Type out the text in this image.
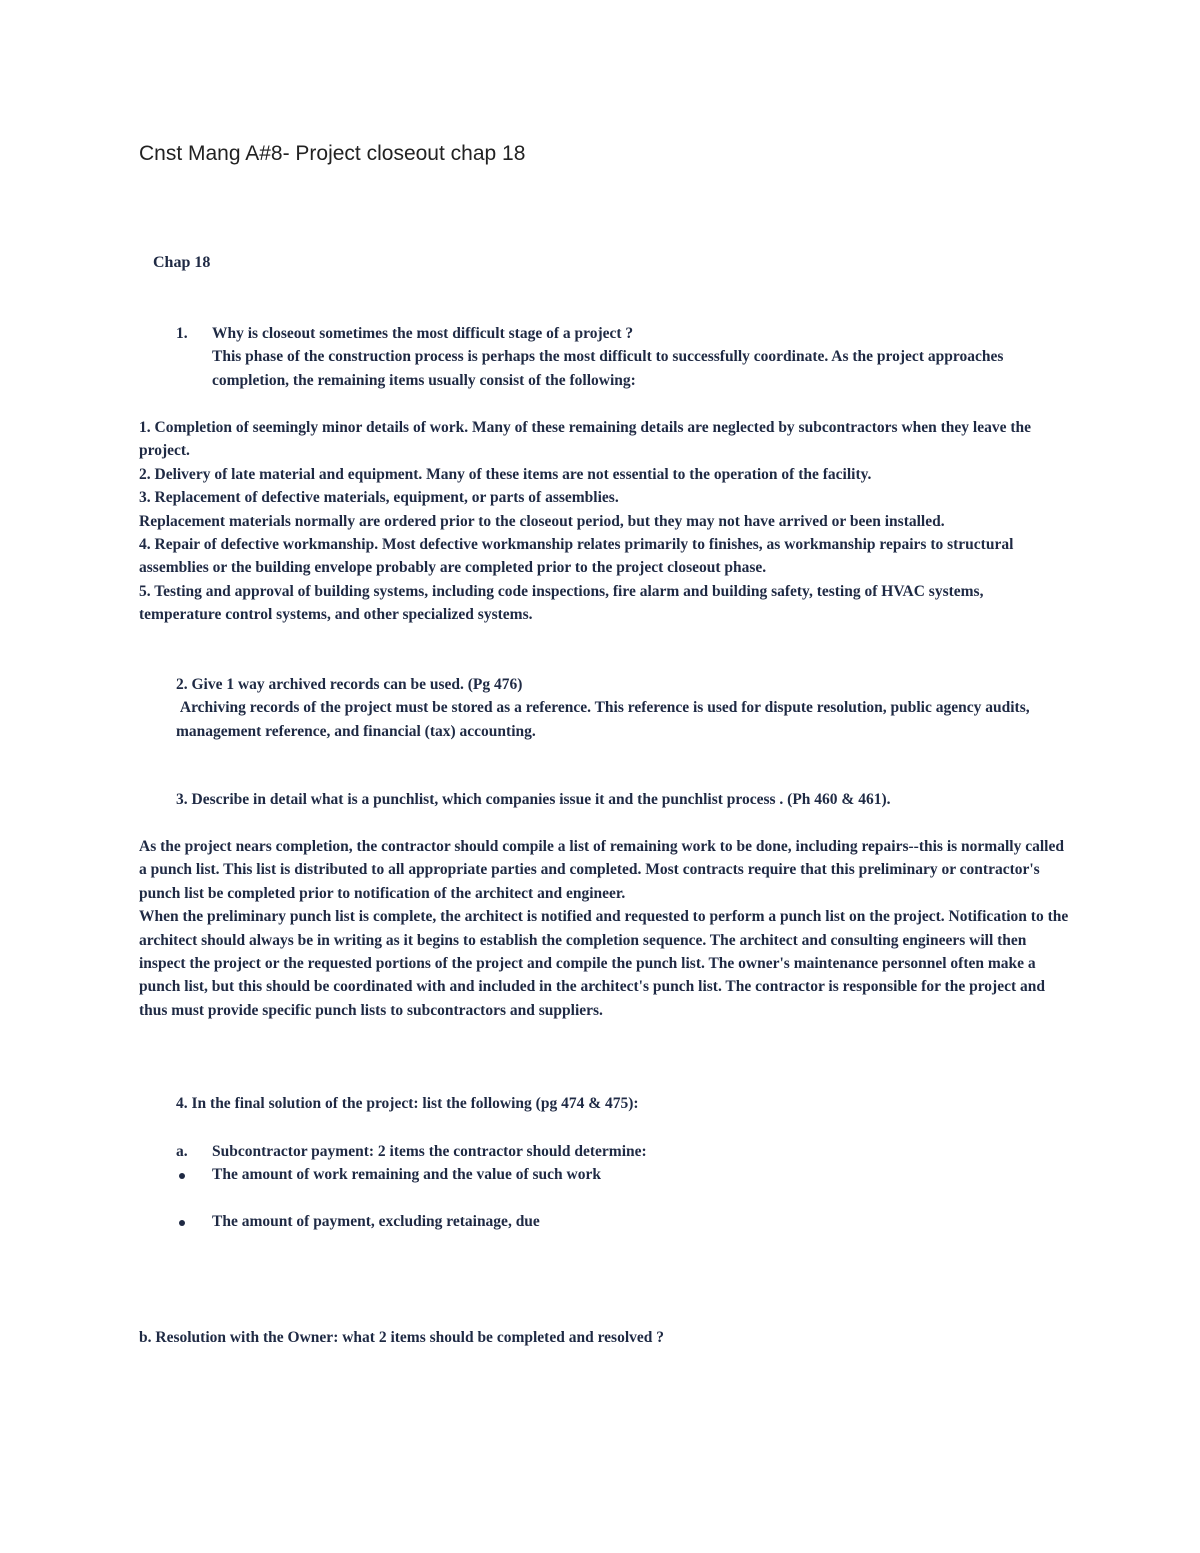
Cnst Mang A#8- Project closeout chap 18
Chap 18
1. Why is closeout sometimes the most difficult stage of a project ?

This phase of the construction process is perhaps the most difficult to successfully coordinate. As the project approaches completion, the remaining items usually consist of the following:

1. Completion of seemingly minor details of work. Many of these remaining details are neglected by subcontractors when they leave the project.

2. Delivery of late material and equipment. Many of these items are not essential to the operation of the facility.

3. Replacement of defective materials, equipment, or parts of assemblies.

Replacement materials normally are ordered prior to the closeout period, but they may not have arrived or been installed.

4. Repair of defective workmanship. Most defective workmanship relates primarily to finishes, as workmanship repairs to structural assemblies or the building envelope probably are completed prior to the project closeout phase.

5. Testing and approval of building systems, including code inspections, fire alarm and building safety, testing of HVAC systems, temperature control systems, and other specialized systems.

2. Give 1 way archived records can be used. (Pg 476)

Archiving records of the project must be stored as a reference. This reference is used for dispute resolution, public agency audits, management reference, and financial (tax) accounting.

3. Describe in detail what is a punchlist, which companies issue it and the punchlist process . (Ph 460 & 461).

As the project nears completion, the contractor should compile a list of remaining work to be done, including repairs--this is normally called a punch list. This list is distributed to all appropriate parties and completed. Most contracts require that this preliminary or contractor's punch list be completed prior to notification of the architect and engineer.

When the preliminary punch list is complete, the architect is notified and requested to perform a punch list on the project. Notification to the architect should always be in writing as it begins to establish the completion sequence. The architect and consulting engineers will then inspect the project or the requested portions of the project and compile the punch list. The owner's maintenance personnel often make a punch list, but this should be coordinated with and included in the architect's punch list. The contractor is responsible for the project and thus must provide specific punch lists to subcontractors and suppliers.

4. In the final solution of the project: list the following (pg 474 & 475):

a. Subcontractor payment: 2 items the contractor should determine:
The amount of work remaining and the value of such work
The amount of payment, excluding retainage, due

b. Resolution with the Owner: what 2 items should be completed and resolved ?
